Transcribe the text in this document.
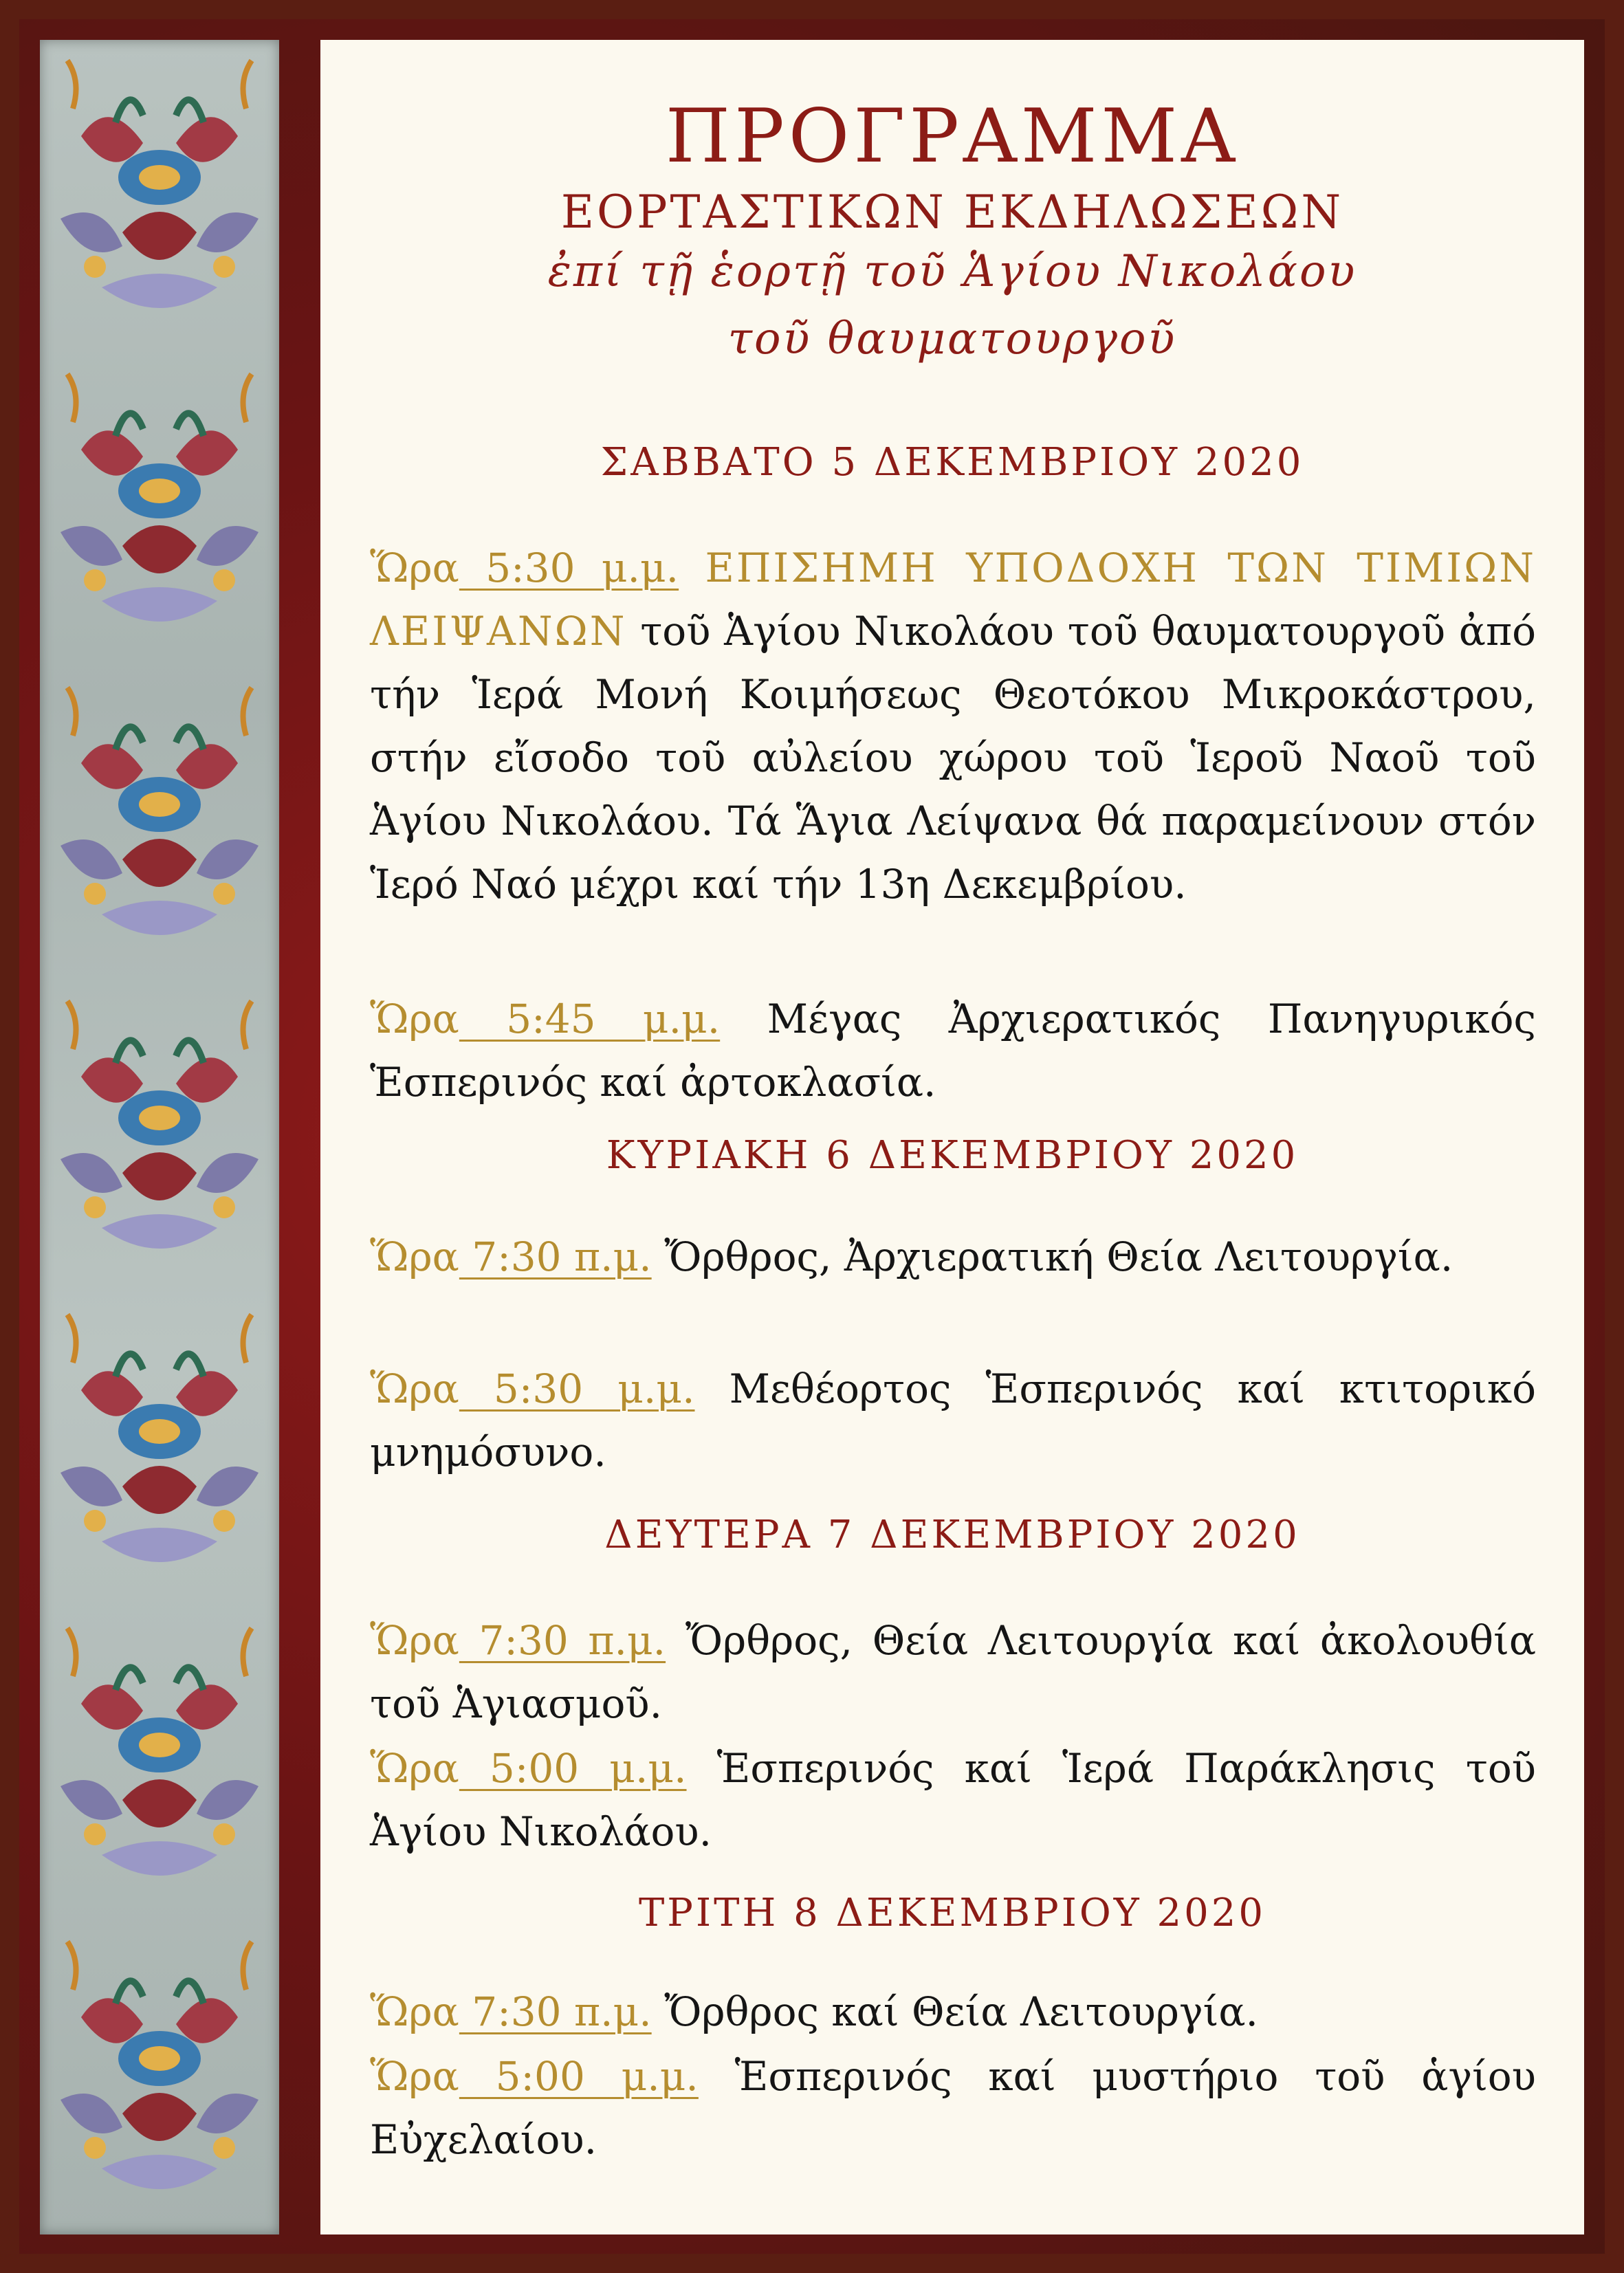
ΠΡΟΓΡΑΜΜΑ
ΕΟΡΤΑΣΤΙΚΩΝ ΕΚΔΗΛΩΣΕΩΝ
ἐπί τῇ ἑορτῇ τοῦ Ἁγίου Νικολάου
τοῦ θαυματουργοῦ
ΣΑΒΒΑΤΟ 5 ΔΕΚΕΜΒΡΙΟΥ 2020
Ὥρα 5:30 μ.μ. ΕΠΙΣΗΜΗ ΥΠΟΔΟΧΗ ΤΩΝ ΤΙΜΙΩΝ ΛΕΙΨΑΝΩΝ τοῦ Ἁγίου Νικολάου τοῦ θαυματουργοῦ ἀπό τήν Ἱερά Μονή Κοιμήσεως Θεοτόκου Μικροκάστρου, στήν εἴσοδο τοῦ αὐλείου χώρου τοῦ Ἱεροῦ Ναοῦ τοῦ Ἁγίου Νικολάου. Τά Ἅγια Λείψανα θά παραμείνουν στόν Ἱερό Ναό μέχρι καί τήν 13η Δεκεμβρίου.
Ὥρα 5:45 μ.μ. Μέγας Ἀρχιερατικός Πανηγυρικός Ἑσπερινός καί ἀρτοκλασία.
ΚΥΡΙΑΚΗ 6 ΔΕΚΕΜΒΡΙΟΥ 2020
Ὥρα 7:30 π.μ. Ὄρθρος, Ἀρχιερατική Θεία Λειτουργία.
Ὥρα 5:30 μ.μ. Μεθέορτος Ἑσπερινός καί κτιτορικό μνημόσυνο.
ΔΕΥΤΕΡΑ 7 ΔΕΚΕΜΒΡΙΟΥ 2020
Ὥρα 7:30 π.μ. Ὄρθρος, Θεία Λειτουργία καί ἀκολουθία τοῦ Ἁγιασμοῦ.
Ὥρα 5:00 μ.μ. Ἑσπερινός καί Ἱερά Παράκλησις τοῦ Ἁγίου Νικολάου.
ΤΡΙΤΗ 8 ΔΕΚΕΜΒΡΙΟΥ 2020
Ὥρα 7:30 π.μ. Ὄρθρος καί Θεία Λειτουργία.
Ὥρα 5:00 μ.μ. Ἑσπερινός καί μυστήριο τοῦ ἁγίου Εὐχελαίου.
